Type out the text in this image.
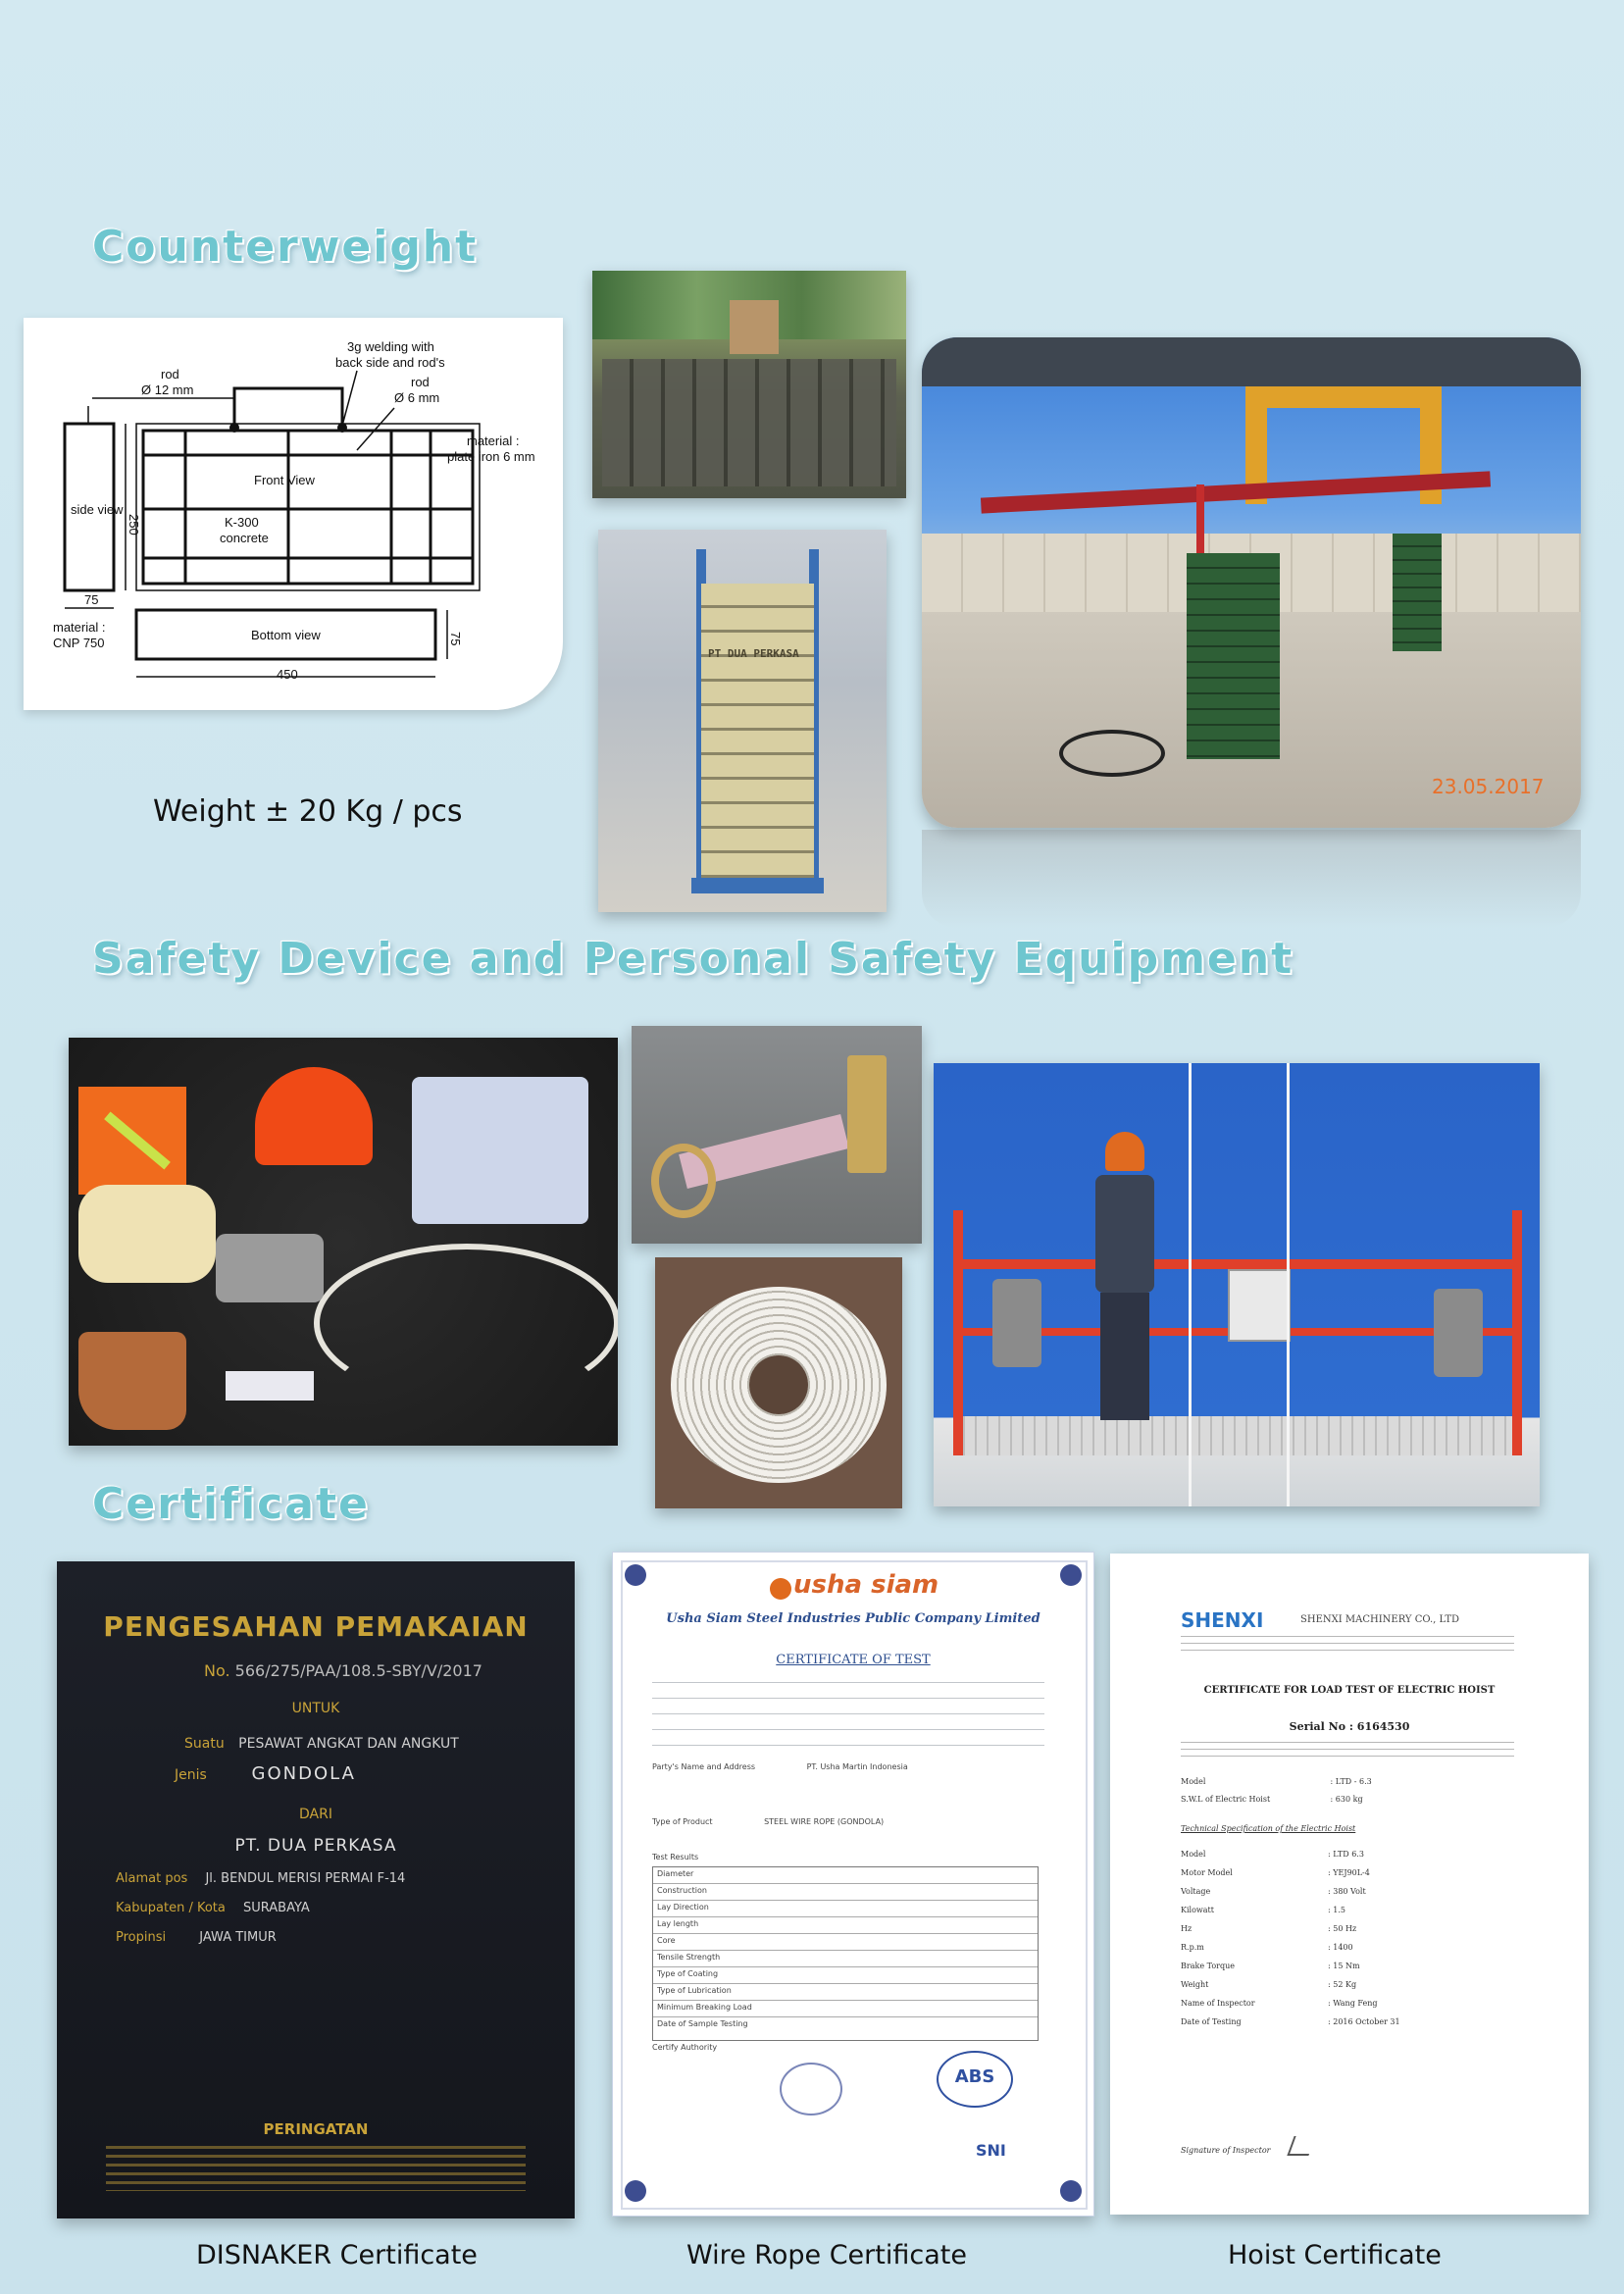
Counterweight
side view
rod
Ø 12 mm
3g welding with
back side and rod's
rod
Ø 6 mm
material :
plate iron 6 mm
Front View
K-300
concrete
250
Bottom view
75
material :
CNP 750	75
450
Weight ± 20 Kg / pcs
PT DUA PERKASA
23.05.2017
Safety Device and Personal Safety Equipment
Certificate
PENGESAHAN PEMAKAIAN
No. 566/275/PAA/108.5-SBY/V/2017
UNTUK
Suatu PESAWAT ANGKAT DAN ANGKUT
Jenis	GONDOLA
DARI
PT. DUA PERKASA
Alamat pos Jl. BENDUL MERISI PERMAI F-14
Kabupaten / Kota SURABAYA
Propinsi	JAWA TIMUR
PERINGATAN
DISNAKER Certificate
usha siam
Usha Siam Steel Industries Public Company Limited
CERTIFICATE OF TEST
Party's Name and Address	PT. Usha Martin Indonesia
Type of Product	STEEL WIRE ROPE (GONDOLA)
Test Results
Diameter
Construction
Lay Direction
Lay length
Core
Tensile Strength
Type of Coating
Type of Lubrication
Minimum Breaking Load
Date of Sample Testing
Certify Authority
ABS
SNI
Wire Rope Certificate
SHENXI	SHENXI MACHINERY CO., LTD
CERTIFICATE FOR LOAD TEST OF ELECTRIC HOIST
Serial No : 6164530
Model	: LTD - 6.3
S.W.L of Electric Hoist	: 630 kg
Technical Specification of the Electric Hoist
Model	: LTD 6.3
Motor Model	: YEJ90L-4
Voltage	: 380 Volt
Kilowatt	: 1.5
Hz	: 50 Hz
R.p.m	: 1400
Brake Torque	: 15 Nm
Weight	: 52 Kg
Name of Inspector	: Wang Feng
Date of Testing	: 2016 October 31
Signature of Inspector
Hoist Certificate
